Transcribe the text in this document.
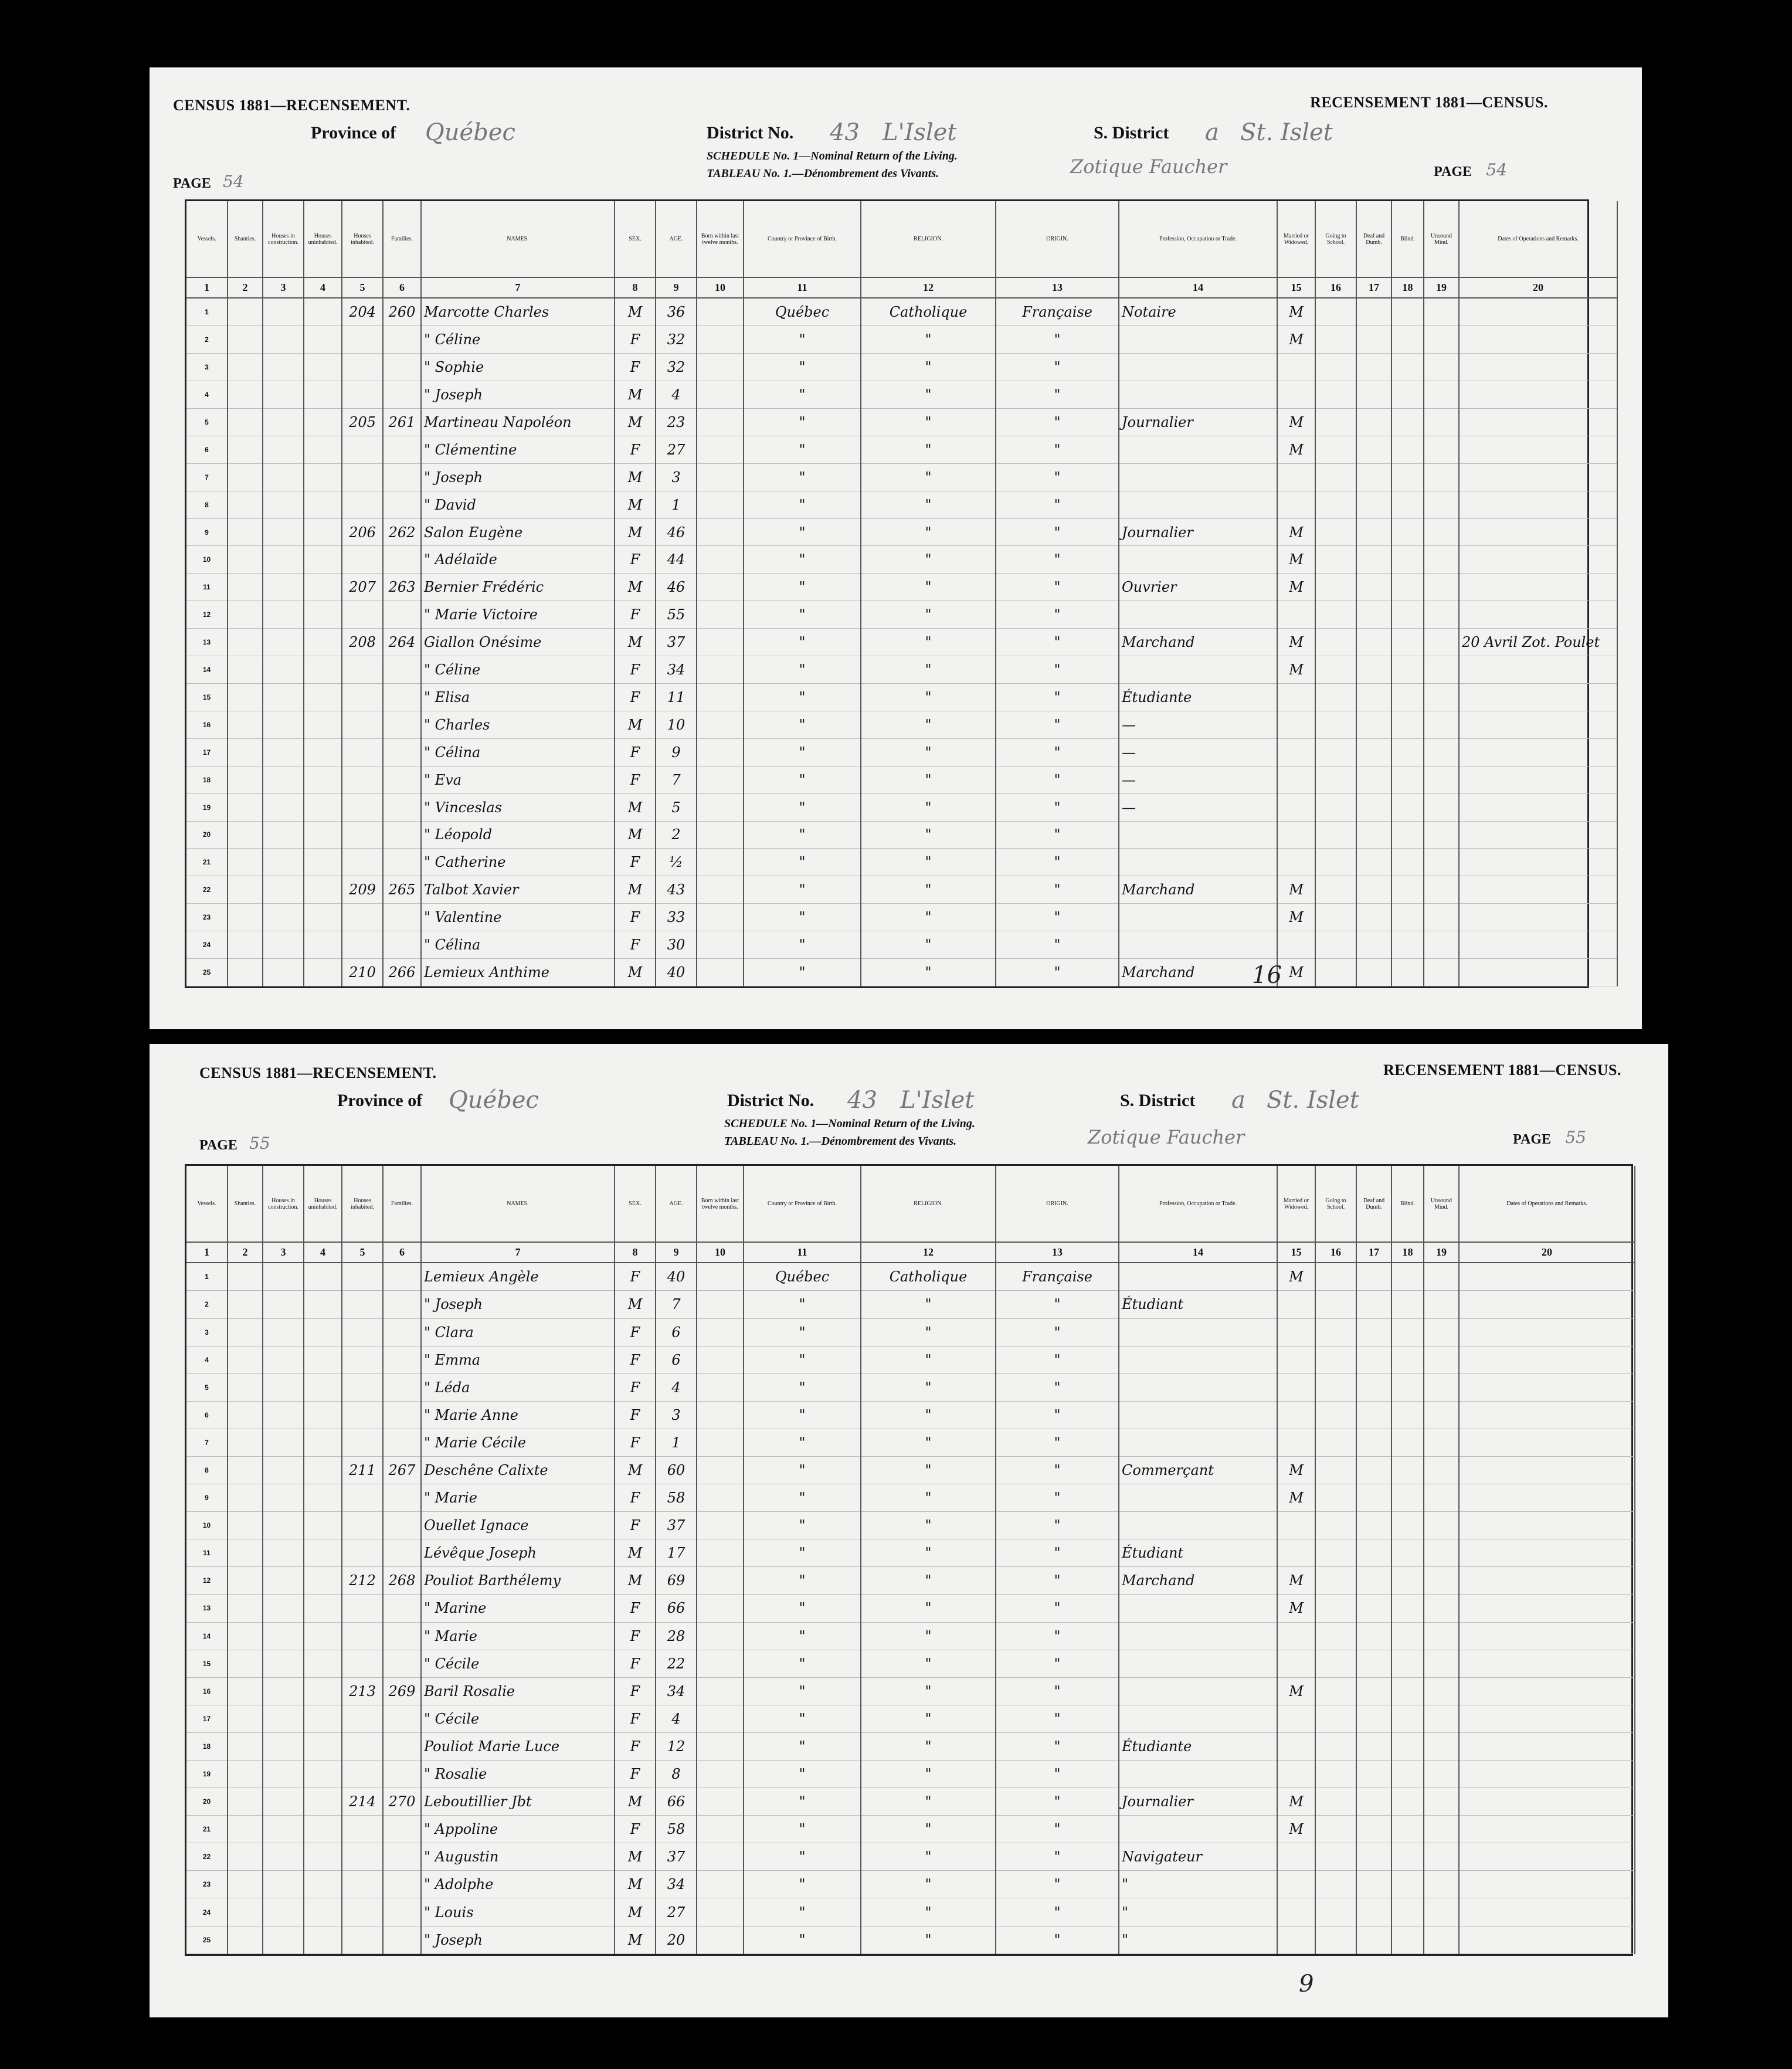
CENSUS 1881—RECENSEMENT.	RECENSEMENT 1881—CENSUS.
Province of Québec	District No. 43 L'Islet	S. District a St. Islet
SCHEDULE No. 1—Nominal Return of the Living.
TABLEAU No. 1.—Dénombrement des Vivants.	Zotique Faucher
PAGE 54	PAGE 54
Vessels.	Shanties.	Houses in construction.	Houses uninhabited.	Houses inhabited.	Families.	NAMES.	SEX.	AGE.	Born within last twelve months.	Country or Province of Birth.	RELIGION.	ORIGIN.	Profession, Occupation or Trade.	Married or Widowed.	Going to School.	Deaf and Dumb.	Blind.	Unsound Mind.	Dates of Operations and Remarks.
1	2	3	4	5	6	7	8	9	10	11	12	13	14	15	16	17	18	19	20
1				204	260	Marcotte Charles	M	36		Québec	Catholique	Française	Notaire	M					
2						" Céline	F	32		"	"	"		M					
3						" Sophie	F	32		"	"	"							
4						" Joseph	M	4		"	"	"							
5				205	261	Martineau Napoléon	M	23		"	"	"	Journalier	M					
6						" Clémentine	F	27		"	"	"		M					
7						" Joseph	M	3		"	"	"							
8						" David	M	1		"	"	"							
9				206	262	Salon Eugène	M	46		"	"	"	Journalier	M					
10						" Adélaïde	F	44		"	"	"		M					
11				207	263	Bernier Frédéric	M	46		"	"	"	Ouvrier	M					
12						" Marie Victoire	F	55		"	"	"							
13				208	264	Giallon Onésime	M	37		"	"	"	Marchand	M					20 Avril Zot. Poulet
14						" Céline	F	34		"	"	"		M					
15						" Elisa	F	11		"	"	"	Étudiante						
16						" Charles	M	10		"	"	"	—						
17						" Célina	F	9		"	"	"	—						
18						" Eva	F	7		"	"	"	—						
19						" Vinceslas	M	5		"	"	"	—						
20						" Léopold	M	2		"	"	"							
21						" Catherine	F	½		"	"	"							
22				209	265	Talbot Xavier	M	43		"	"	"	Marchand	M					
23						" Valentine	F	33		"	"	"		M					
24						" Célina	F	30		"	"	"							
25				210	266	Lemieux Anthime	M	40		"	"	"	Marchand	M					
16
CENSUS 1881—RECENSEMENT.	RECENSEMENT 1881—CENSUS.
Province of Québec	District No. 43 L'Islet	S. District a St. Islet
SCHEDULE No. 1—Nominal Return of the Living.
TABLEAU No. 1.—Dénombrement des Vivants.	Zotique Faucher
PAGE 55	PAGE 55
Vessels.	Shanties.	Houses in construction.	Houses uninhabited.	Houses inhabited.	Families.	NAMES.	SEX.	AGE.	Born within last twelve months.	Country or Province of Birth.	RELIGION.	ORIGIN.	Profession, Occupation or Trade.	Married or Widowed.	Going to School.	Deaf and Dumb.	Blind.	Unsound Mind.	Dates of Operations and Remarks.
1	2	3	4	5	6	7	8	9	10	11	12	13	14	15	16	17	18	19	20
1						Lemieux Angèle	F	40		Québec	Catholique	Française		M					
2						" Joseph	M	7		"	"	"	Étudiant						
3						" Clara	F	6		"	"	"							
4						" Emma	F	6		"	"	"							
5						" Léda	F	4		"	"	"							
6						" Marie Anne	F	3		"	"	"							
7						" Marie Cécile	F	1		"	"	"							
8				211	267	Deschêne Calixte	M	60		"	"	"	Commerçant	M					
9						" Marie	F	58		"	"	"		M					
10						Ouellet Ignace	F	37		"	"	"							
11						Lévêque Joseph	M	17		"	"	"	Étudiant						
12				212	268	Pouliot Barthélemy	M	69		"	"	"	Marchand	M					
13						" Marine	F	66		"	"	"		M					
14						" Marie	F	28		"	"	"							
15						" Cécile	F	22		"	"	"							
16				213	269	Baril Rosalie	F	34		"	"	"		M					
17						" Cécile	F	4		"	"	"							
18						Pouliot Marie Luce	F	12		"	"	"	Étudiante						
19						" Rosalie	F	8		"	"	"							
20				214	270	Leboutillier Jbt	M	66		"	"	"	Journalier	M					
21						" Appoline	F	58		"	"	"		M					
22						" Augustin	M	37		"	"	"	Navigateur						
23						" Adolphe	M	34		"	"	"	"						
24						" Louis	M	27		"	"	"	"						
25						" Joseph	M	20		"	"	"	"						
9
